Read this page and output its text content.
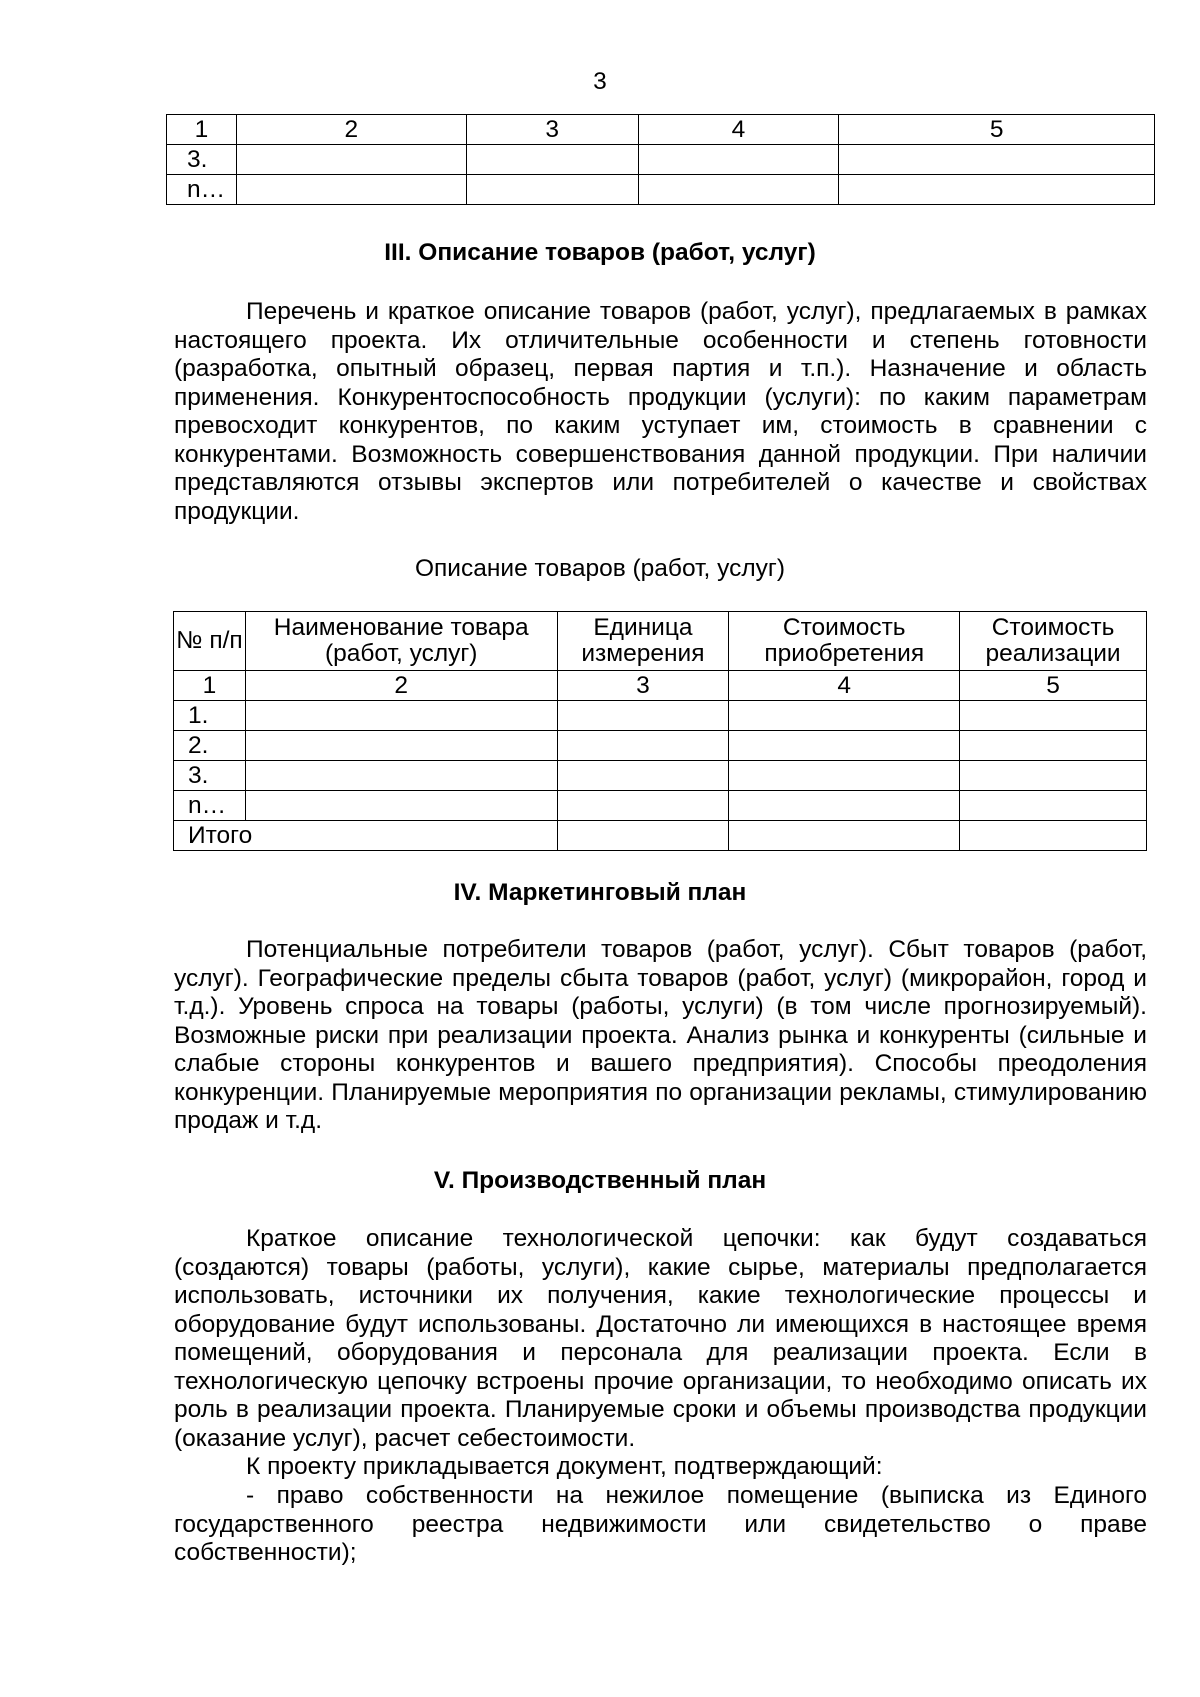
3
1	2	3	4	5
3.				
n…				
III. Описание товаров (работ, услуг)

Перечень и краткое описание товаров (работ, услуг), предлагаемых в рамках настоящего проекта. Их отличительные особенности и степень готовности (разработка, опытный образец, первая партия и т.п.). Назначение и область применения. Конкурентоспособность продукции (услуги): по каким параметрам превосходит конкурентов, по каким уступает им, стоимость в сравнении с конкурентами. Возможность совершенствования данной продукции. При наличии представляются отзывы экспертов или потребителей о качестве и свойствах продукции.

Описание товаров (работ, услуг)
№ п/п	Наименование товара (работ, услуг)	Единица измерения	Стоимость приобретения	Стоимость реализации
1	2	3	4	5
1.				
2.				
3.				
n…				
Итого				
IV. Маркетинговый план

Потенциальные потребители товаров (работ, услуг). Сбыт товаров (работ, услуг). Географические пределы сбыта товаров (работ, услуг) (микрорайон, город и т.д.). Уровень спроса на товары (работы, услуги) (в том числе прогнозируемый). Возможные риски при реализации проекта. Анализ рынка и конкуренты (сильные и слабые стороны конкурентов и вашего предприятия). Способы преодоления конкуренции. Планируемые мероприятия по организации рекламы, стимулированию продаж и т.д.

V. Производственный план

Краткое описание технологической цепочки: как будут создаваться (создаются) товары (работы, услуги), какие сырье, материалы предполагается использовать, источники их получения, какие технологические процессы и оборудование будут использованы. Достаточно ли имеющихся в настоящее время помещений, оборудования и персонала для реализации проекта. Если в технологическую цепочку встроены прочие организации, то необходимо описать их роль в реализации проекта. Планируемые сроки и объемы производства продукции (оказание услуг), расчет себестоимости.

К проекту прикладывается документ, подтверждающий:

- право собственности на нежилое помещение (выписка из Единого государственного реестра недвижимости или свидетельство о праве собственности);
